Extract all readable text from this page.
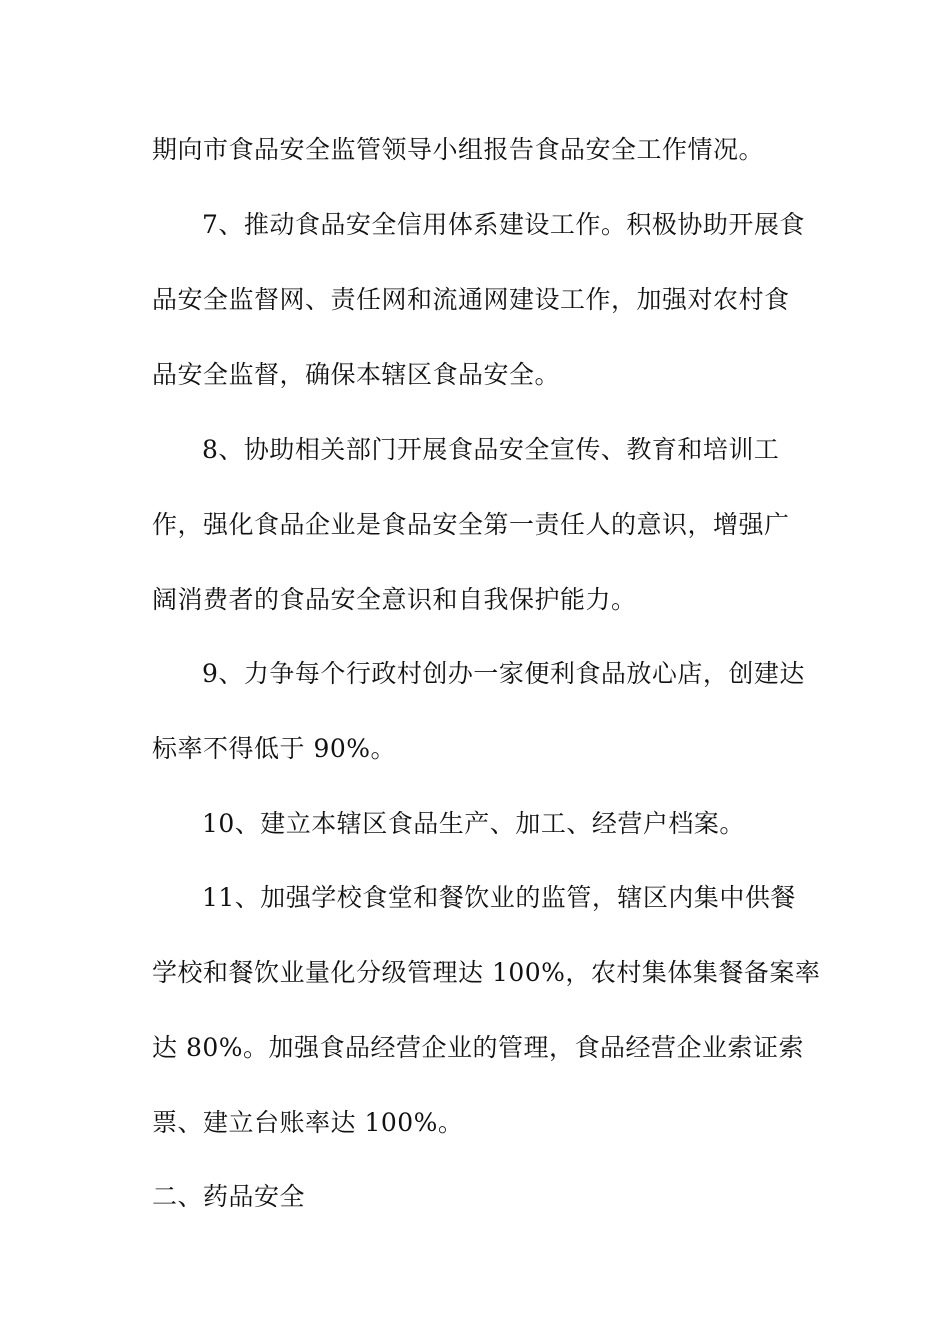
期向市食品安全监管领导小组报告食品安全工作情况。
7、推动食品安全信用体系建设工作。积极协助开展食
品安全监督网、责任网和流通网建设工作，加强对农村食
品安全监督，确保本辖区食品安全。
8、协助相关部门开展食品安全宣传、教育和培训工
作，强化食品企业是食品安全第一责任人的意识，增强广
阔消费者的食品安全意识和自我保护能力。
9、力争每个行政村创办一家便利食品放心店，创建达
标率不得低于 90%。
10、建立本辖区食品生产、加工、经营户档案。
11、加强学校食堂和餐饮业的监管，辖区内集中供餐
学校和餐饮业量化分级管理达 100%，农村集体集餐备案率
达 80%。加强食品经营企业的管理，食品经营企业索证索
票、建立台账率达 100%。
二、药品安全
